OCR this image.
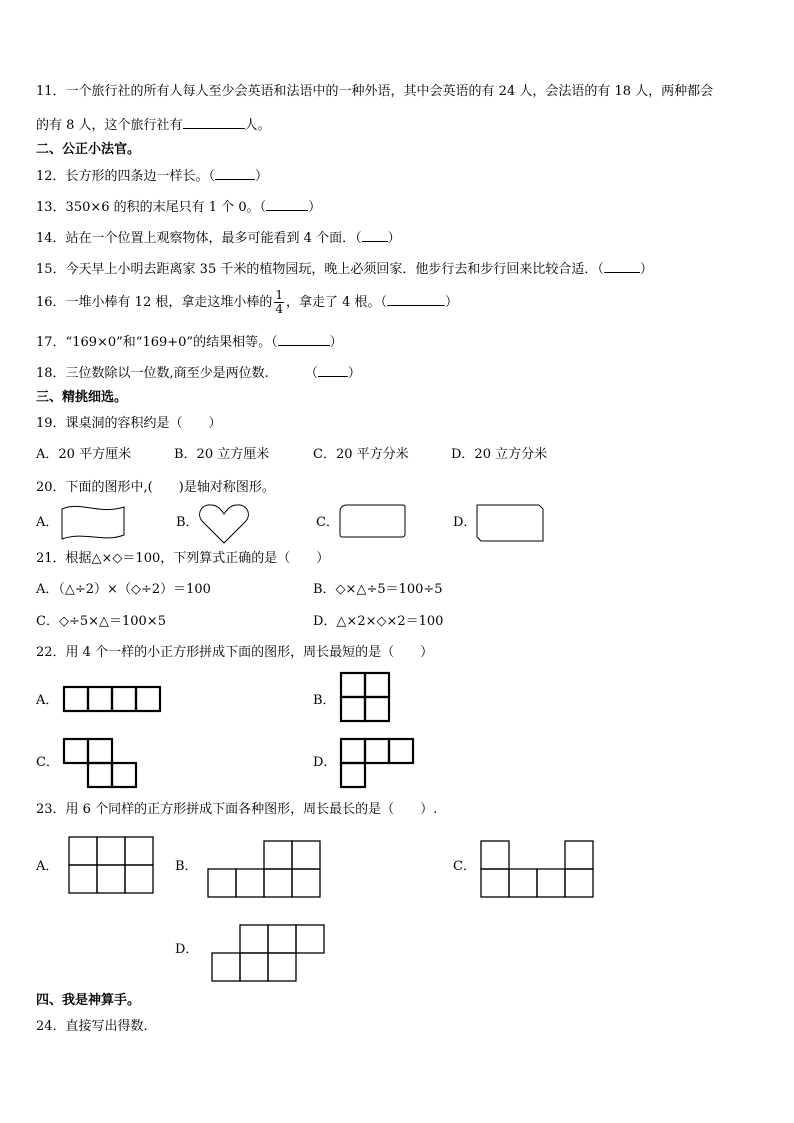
11．一个旅行社的所有人每人至少会英语和法语中的一种外语，其中会英语的有 24 人，会法语的有 18 人，两种都会
的有 8 人，这个旅行社有	人。
二、公正小法官。
12．长方形的四条边一样长。（	）
13．350×6 的积的末尾只有 1 个 0。（	）
14．站在一个位置上观察物体，最多可能看到 4 个面．（ ）
15．今天早上小明去距离家 35 千米的植物园玩，晚上必须回家．他步行去和步行回来比较合适．（	）
16．一堆小棒有 12 根，拿走这堆小棒的 $\frac{1}{4}$ ，拿走了 4 根。（	）
17．“169×0”和“169+0”的结果相等。（	）
18．三位数除以一位数,商至少是两位数.	（ ）
三、精挑细选。
19．课桌洞的容积约是（　　）
A．20 平方厘米	B．20 立方厘米	C．20 平方分米	D．20 立方分米
20．下面的图形中,(　　)是轴对称图形。
A．	B．	C．	D．
21．根据△×◇＝100，下列算式正确的是（　　）
A．（△÷2）×（◇÷2）＝100	B．◇×△÷5＝100÷5
C．◇÷5×△＝100×5	D．△×2×◇×2＝100
22．用 4 个一样的小正方形拼成下面的图形，周长最短的是（　　）
A．	B．
C．	D．
23．用 6 个同样的正方形拼成下面各种图形，周长最长的是（　　）.
A．	B．	C．
D．
四、我是神算手。
24．直接写出得数.
